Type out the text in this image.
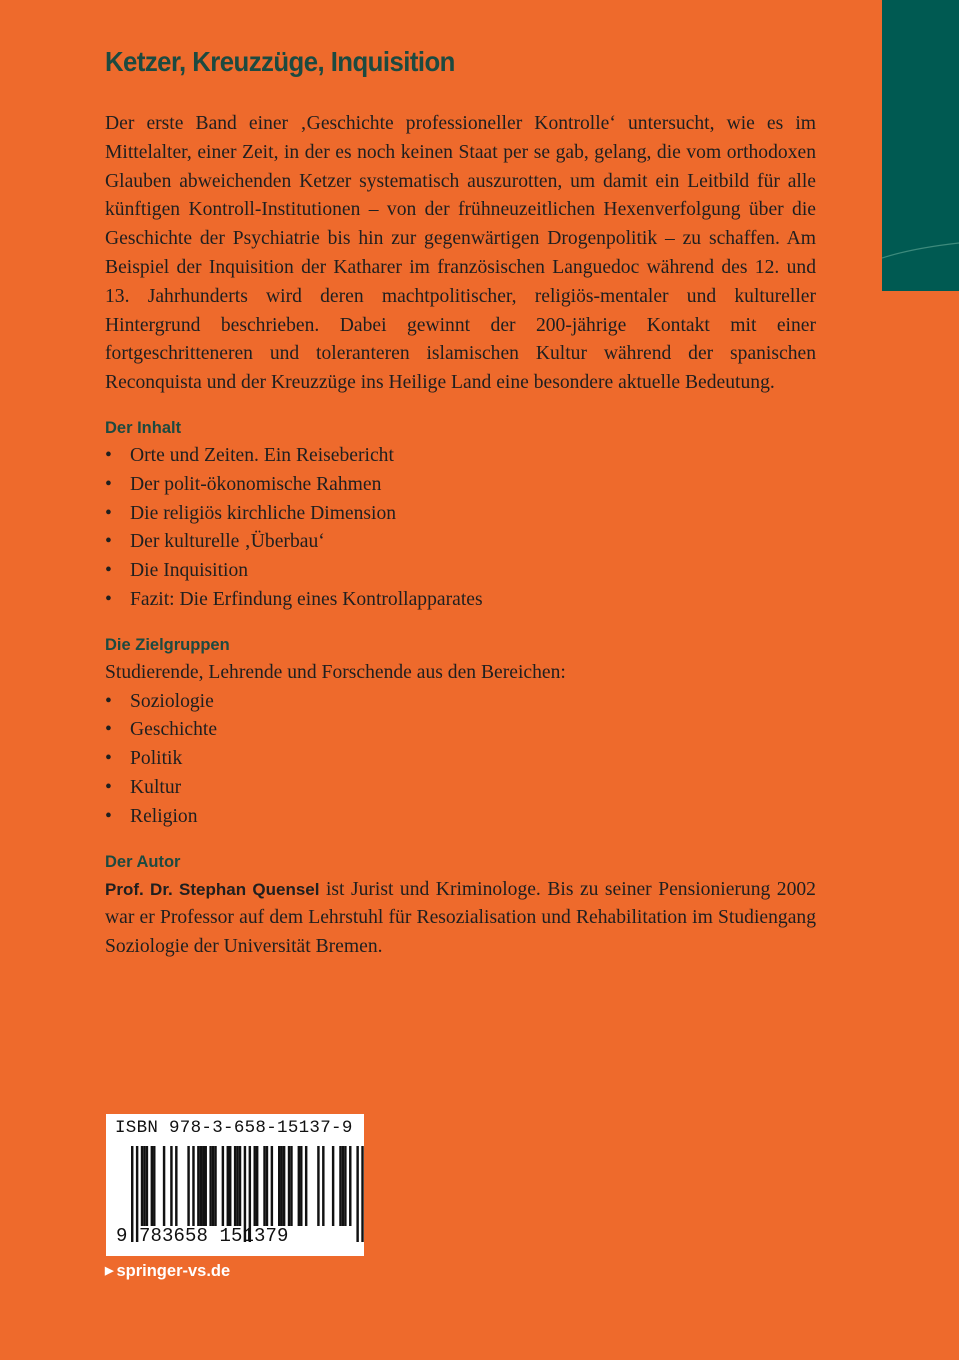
Ketzer, Kreuzzüge, Inquisition

Der erste Band einer ‚Geschichte professioneller Kontrolle‘ untersucht, wie es im Mittelalter, einer Zeit, in der es noch keinen Staat per se gab, gelang, die vom orthodoxen Glauben abweichenden Ketzer systematisch auszurotten, um damit ein Leitbild für alle künftigen Kontroll-Institutionen – von der frühneuzeitlichen Hexenverfolgung über die Geschichte der Psychiatrie bis hin zur gegenwärtigen Drogenpolitik – zu schaffen. Am Beispiel der Inquisition der Katharer im französischen Languedoc während des 12. und 13. Jahrhunderts wird deren machtpolitischer, religiös-mentaler und kultureller Hintergrund beschrieben. Dabei gewinnt der 200-jährige Kontakt mit einer fortgeschritteneren und toleranteren islamischen Kultur während der spanischen Reconquista und der Kreuzzüge ins Heilige Land eine besondere aktuelle Bedeutung.

Der Inhalt
• Orte und Zeiten. Ein Reisebericht
• Der polit-ökonomische Rahmen
• Die religiös kirchliche Dimension
• Der kulturelle ‚Überbau‘
• Die Inquisition
• Fazit: Die Erfindung eines Kontrollapparates
Die Zielgruppen

Studierende, Lehrende und Forschende aus den Bereichen:

• Soziologie
• Geschichte
• Politik
• Kultur
• Religion
Der Autor

Prof. Dr. Stephan Quensel ist Jurist und Kriminologe. Bis zu seiner Pensionierung 2002 war er Professor auf dem Lehrstuhl für Resozialisation und Rehabilitation im Studiengang Soziologie der Universität Bremen.

ISBN 978-3-658-15137-9
9 783658 151379
▶ springer-vs.de
